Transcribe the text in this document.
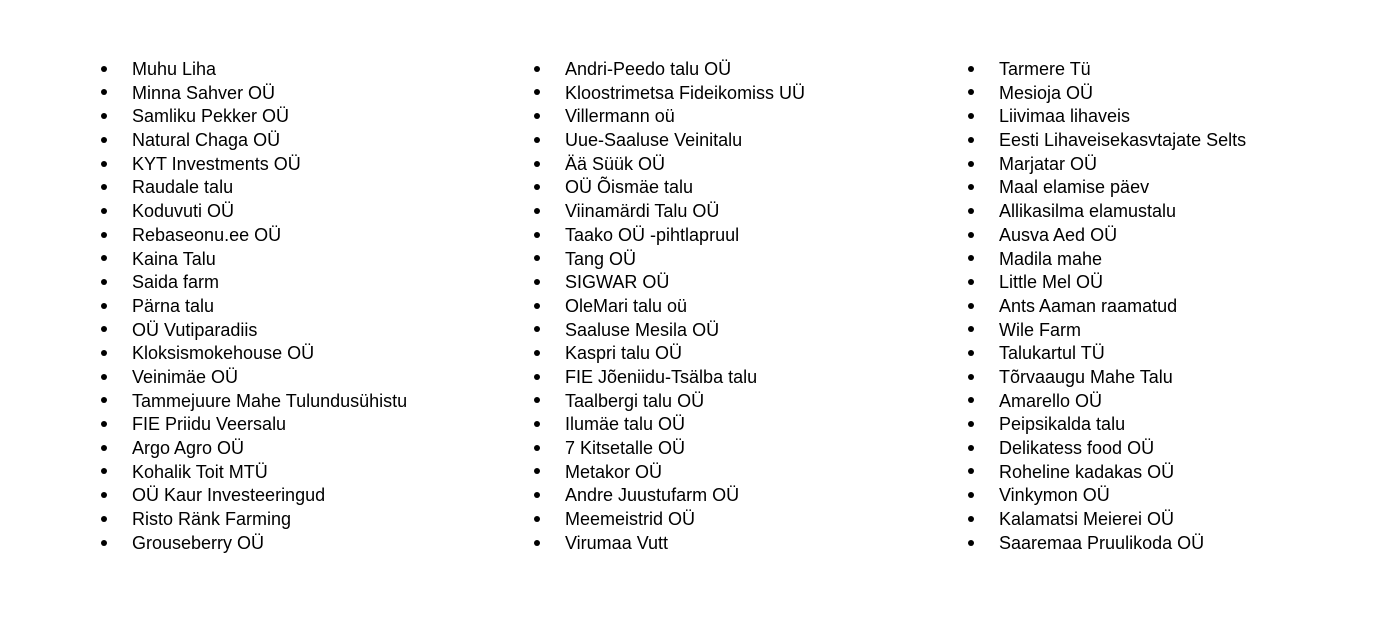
Muhu Liha
Minna Sahver OÜ
Samliku Pekker OÜ
Natural Chaga OÜ
KYT Investments OÜ
Raudale talu
Koduvuti OÜ
Rebaseonu.ee OÜ
Kaina Talu
Saida farm
Pärna talu
OÜ Vutiparadiis
Kloksismokehouse OÜ
Veinimäe OÜ
Tammejuure Mahe Tulundusühistu
FIE Priidu Veersalu
Argo Agro OÜ
Kohalik Toit MTÜ
OÜ Kaur Investeeringud
Risto Ränk Farming
Grouseberry OÜ
Andri-Peedo talu OÜ
Kloostrimetsa Fideikomiss UÜ
Villermann oü
Uue-Saaluse Veinitalu
Ää Süük OÜ
OÜ Õismäe talu
Viinamärdi Talu OÜ
Taako OÜ -pihtlapruul
Tang OÜ
SIGWAR OÜ
OleMari talu oü
Saaluse Mesila OÜ
Kaspri talu OÜ
FIE Jõeniidu-Tsälba talu
Taalbergi talu OÜ
Ilumäe talu OÜ
7 Kitsetalle OÜ
Metakor OÜ
Andre Juustufarm OÜ
Meemeistrid OÜ
Virumaa Vutt
Tarmere Tü
Mesioja OÜ
Liivimaa lihaveis
Eesti Lihaveisekasvtajate Selts
Marjatar OÜ
Maal elamise päev
Allikasilma elamustalu
Ausva Aed OÜ
Madila mahe
Little Mel OÜ
Ants Aaman raamatud
Wile Farm
Talukartul TÜ
Tõrvaaugu Mahe Talu
Amarello OÜ
Peipsikalda talu
Delikatess food OÜ
Roheline kadakas OÜ
Vinkymon OÜ
Kalamatsi Meierei OÜ
Saaremaa Pruulikoda OÜ
